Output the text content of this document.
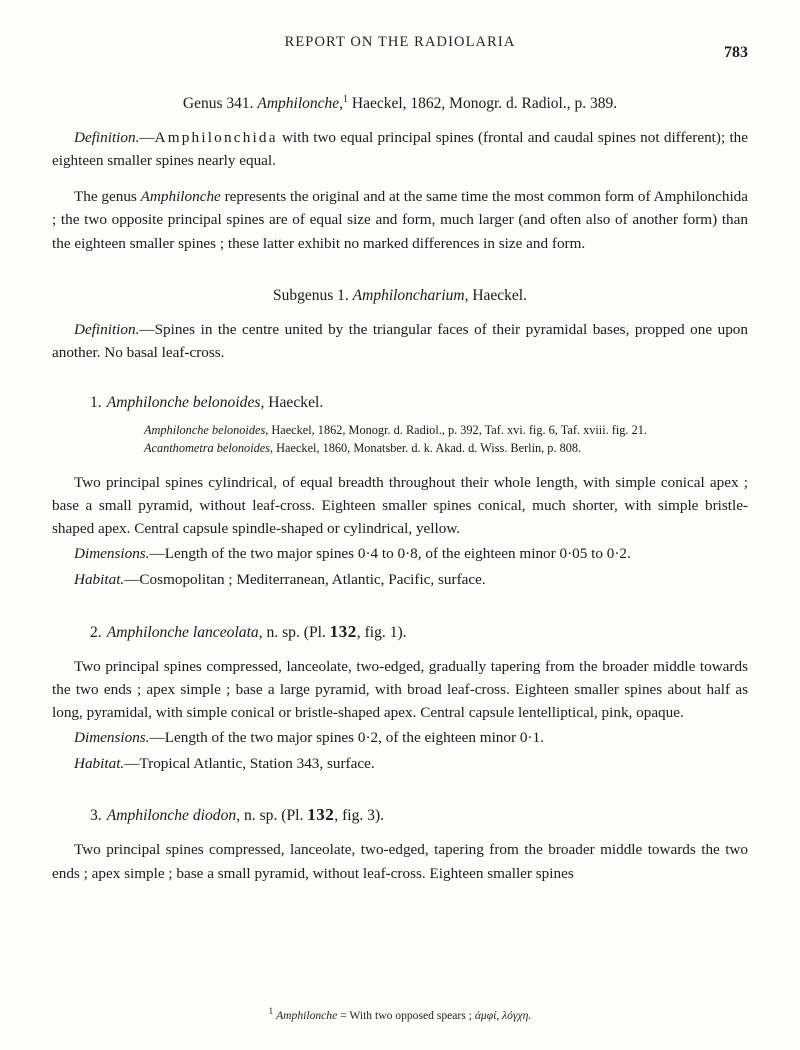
REPORT ON THE RADIOLARIA
783
Genus 341. Amphilonche,$^1$ Haeckel, 1862, Monogr. d. Radiol., p. 389.

Definition.—Amphilonchida with two equal principal spines (frontal and caudal spines not different); the eighteen smaller spines nearly equal.

The genus Amphilonche represents the original and at the same time the most common form of Amphilonchida ; the two opposite principal spines are of equal size and form, much larger (and often also of another form) than the eighteen smaller spines ; these latter exhibit no marked differences in size and form.

Subgenus 1. Amphiloncharium, Haeckel.

Definition.—Spines in the centre united by the triangular faces of their pyramidal bases, propped one upon another. No basal leaf-cross.

1. Amphilonche belonoides, Haeckel.
Amphilonche belonoides, Haeckel, 1862, Monogr. d. Radiol., p. 392, Taf. xvi. fig. 6, Taf. xviii. fig. 21.
Acanthometra belonoides, Haeckel, 1860, Monatsber. d. k. Akad. d. Wiss. Berlin, p. 808.

Two principal spines cylindrical, of equal breadth throughout their whole length, with simple conical apex ; base a small pyramid, without leaf-cross. Eighteen smaller spines conical, much shorter, with simple bristle-shaped apex. Central capsule spindle-shaped or cylindrical, yellow.

Dimensions.—Length of the two major spines 0·4 to 0·8, of the eighteen minor 0·05 to 0·2.

Habitat.—Cosmopolitan ; Mediterranean, Atlantic, Pacific, surface.

2. Amphilonche lanceolata, n. sp. (Pl. 132, fig. 1).

Two principal spines compressed, lanceolate, two-edged, gradually tapering from the broader middle towards the two ends ; apex simple ; base a large pyramid, with broad leaf-cross. Eighteen smaller spines about half as long, pyramidal, with simple conical or bristle-shaped apex. Central capsule lentelliptical, pink, opaque.

Dimensions.—Length of the two major spines 0·2, of the eighteen minor 0·1.

Habitat.—Tropical Atlantic, Station 343, surface.

3. Amphilonche diodon, n. sp. (Pl. 132, fig. 3).

Two principal spines compressed, lanceolate, two-edged, tapering from the broader middle towards the two ends ; apex simple ; base a small pyramid, without leaf-cross. Eighteen smaller spines

$^1$ Amphilonche = With two opposed spears ; ἀμφί, λόγχη.
